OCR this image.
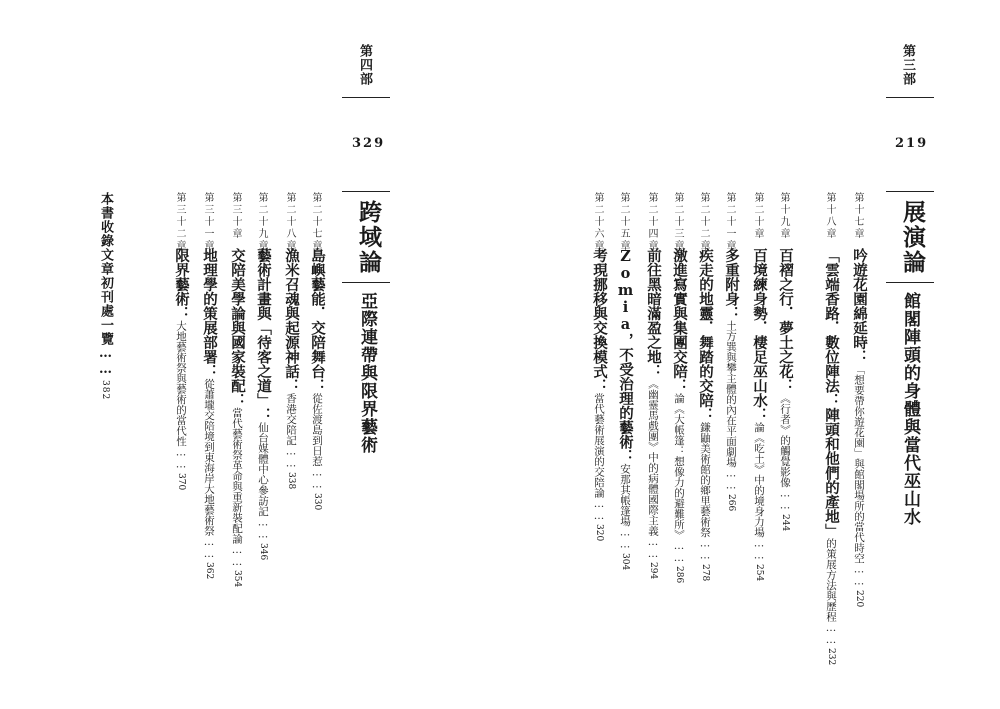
第三部
219
展演論
館閣陣頭的身體與當代巫山水
第十七章
吟遊花園綿延時：「想要帶你遊花園」與館閣場所的當代時空……220
第十八章
「雲端香路．數位陣法：陣頭和他們的產地」的策展方法與歷程……232
第十九章
百褶之行．夢土之花：《行者》的觸覺影像……244
第二十章
百境練身勢．棲足巫山水：論《吃土》中的境身力場……254
第二十一章
多重附身：土方巽與攀主體的內在平面劇場……266
第二十二章
疾走的地靈．舞踏的交陪：鎌鼬美術館的鄉里藝術祭……278
第二十三章
激進寫實與集團交陪：論《大帳篷：想像力的避難所》……286
第二十四章
前往黑暗滿盈之地：《幽靈馬戲團》中的病體國際主義……294
第二十五章
Zomia，不受治理的藝術：安那其帳篷場……304
第二十六章
考現挪移與交換模式：當代藝術展演的交陪論……320
第四部
329
跨域論
亞際連帶與限界藝術
第二十七章
島嶼藝能．交陪舞台：從佐渡島到日惹……330
第二十八章
漁米召魂與起源神話：香港交陪記……338
第二十九章
藝術計畫與「待客之道」：仙台媒體中心參訪記……346
第三十章
交陪美學論與國家裝配：當代藝術祭革命與重新裝配論……354
第三十一章
地理學的策展部署：從蕭壠交陪境到東海岸大地藝術祭……362
第三十二章
限界藝術：大地藝術祭與藝術的當代性……370
本書收錄文章初刊處一覽……382
